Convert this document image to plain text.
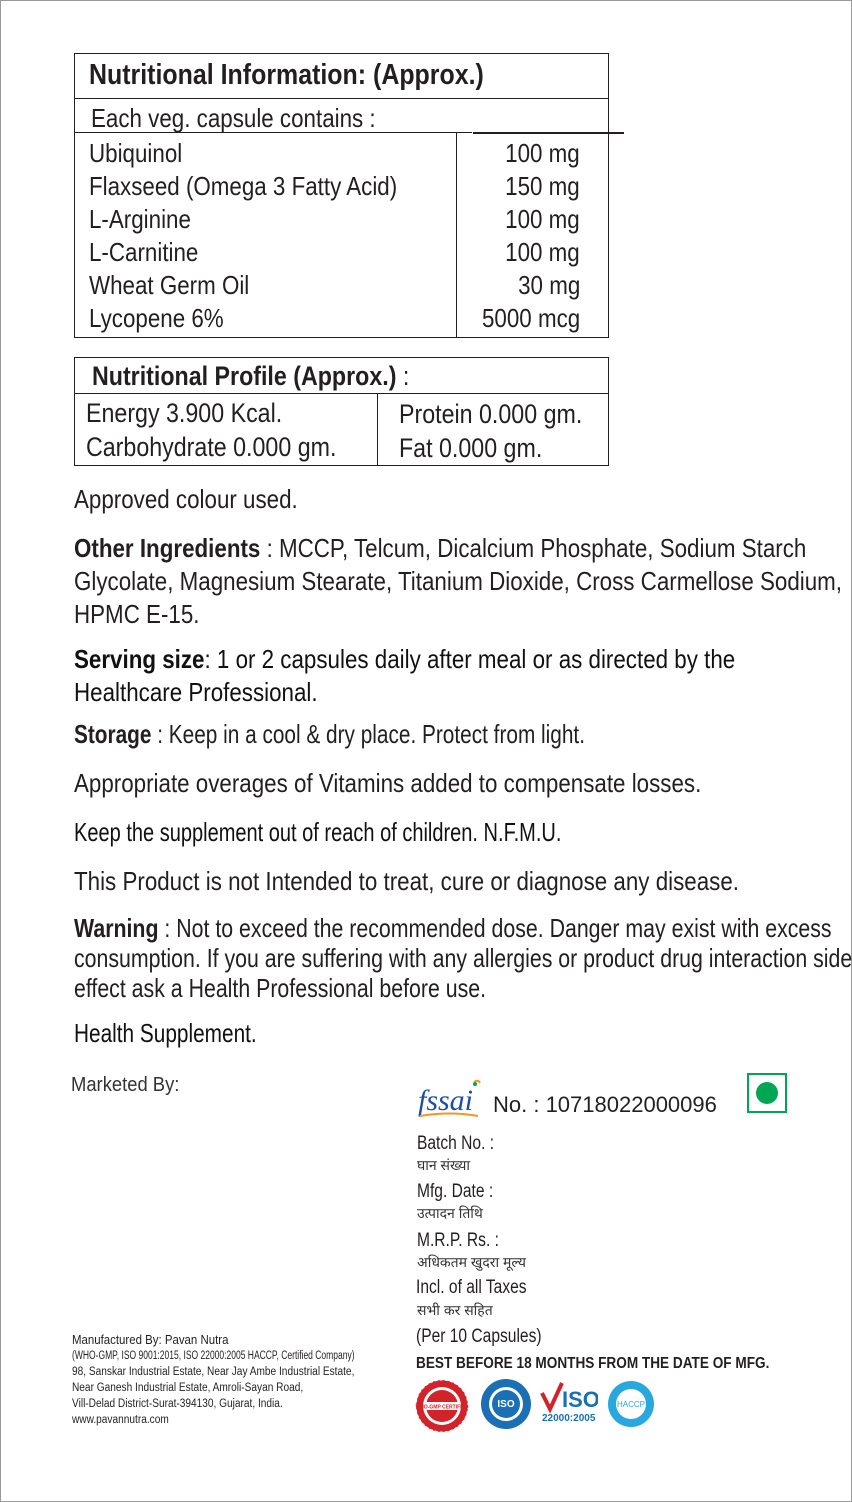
Nutritional Information: (Approx.)
Each veg. capsule contains :
Ubiquinol
Flaxseed (Omega 3 Fatty Acid)
L-Arginine
L-Carnitine
Wheat Germ Oil
Lycopene 6%
100 mg
150 mg
100 mg
100 mg
30 mg
5000 mcg
Nutritional Profile (Approx.) :
Energy 3.900 Kcal.
Carbohydrate 0.000 gm.
Protein 0.000 gm.
Fat 0.000 gm.
Approved colour used.
Other Ingredients : MCCP, Telcum, Dicalcium Phosphate, Sodium Starch
Glycolate, Magnesium Stearate, Titanium Dioxide, Cross Carmellose Sodium,
HPMC E-15.
Serving size: 1 or 2 capsules daily after meal or as directed by the
Healthcare Professional.
Storage : Keep in a cool & dry place. Protect from light.
Appropriate overages of Vitamins added to compensate losses.
Keep the supplement out of reach of children. N.F.M.U.
This Product is not Intended to treat, cure or diagnose any disease.
Warning : Not to exceed the recommended dose. Danger may exist with excess
consumption. If you are suffering with any allergies or product drug interaction side
effect ask a Health Professional before use.
Health Supplement.
Marketed By:	fssai No. : 10718022000096
Batch No. :
घान संख्या
Mfg. Date :
उत्पादन तिथि
M.R.P. Rs. :
अधिकतम खुदरा मूल्य
Incl. of all Taxes
सभी कर सहित
(Per 10 Capsules)
BEST BEFORE 18 MONTHS FROM THE DATE OF MFG.
Manufactured By: Pavan Nutra
(WHO-GMP, ISO 9001:2015, ISO 22000:2005 HACCP, Certified Company)
98, Sanskar Industrial Estate, Near Jay Ambe Industrial Estate,
Near Ganesh Industrial Estate, Amroli-Sayan Road,
Vill-Delad District-Surat-394130, Gujarat, India.
www.pavannutra.com
WHO-GMP CERTIFIED	ISO ISO
22000:2005
HACCP
